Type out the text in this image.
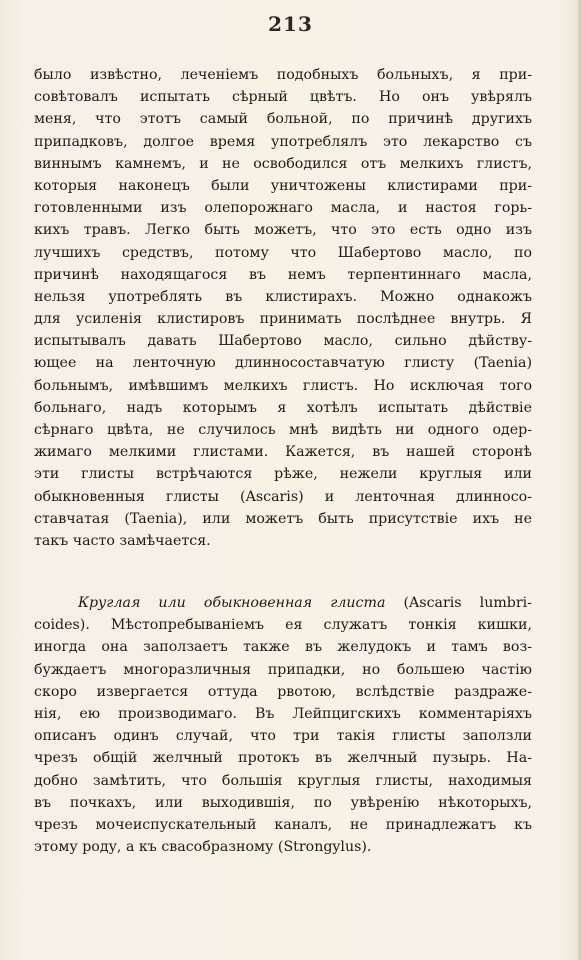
213
было извѣстно, леченіемъ подобныхъ больныхъ, я при-
совѣтовалъ испытать сѣрный цвѣтъ. Но онъ увѣрялъ
меня, что этотъ самый больной, по причинѣ другихъ
припадковъ, долгое время употреблялъ это лекарство съ
виннымъ камнемъ, и не освободился отъ мелкихъ глистъ,
которыя наконецъ были уничтожены клистирами при-
готовленными изъ олепорожнаго масла, и настоя горь-
кихъ травъ. Легко быть можетъ, что это есть одно изъ
лучшихъ средствъ, потому что Шабертово масло, по
причинѣ находящагося въ немъ терпентиннаго масла,
нельзя употреблять въ клистирахъ. Можно однакожъ
для усиленія клистировъ принимать послѣднее внутрь. Я
испытывалъ давать Шабертово масло, сильно дѣйству-
ющее на ленточную длинносоставчатую глисту (Taenia)
больнымъ, имѣвшимъ мелкихъ глистъ. Но исключая того
больнаго, надъ которымъ я хотѣлъ испытать дѣйствіе
сѣрнаго цвѣта, не случилось мнѣ видѣть ни одного одер-
жимаго мелкими глистами. Кажется, въ нашей сторонѣ
эти глисты встрѣчаются рѣже, нежели круглыя или
обыкновенныя глисты (Ascaris) и ленточная длинносо-
ставчатая (Taenia), или можетъ быть присутствіе ихъ не
такъ часто замѣчается.
Круглая или обыкновенная глиста (Ascaris lumbri-
coides). Мѣстопребываніемъ ея служатъ тонкія кишки,
иногда она заползаетъ также въ желудокъ и тамъ воз-
буждаетъ многоразличныя припадки, но большею частію
скоро извергается оттуда рвотою, вслѣдствіе раздраже-
нія, ею производимаго. Въ Лейпцигскихъ комментаріяхъ
описанъ одинъ случай, что три такія глисты заползли
чрезъ общій желчный протокъ въ желчный пузырь. На-
добно замѣтить, что большія круглыя глисты, находимыя
въ почкахъ, или выходившія, по увѣренію нѣкоторыхъ,
чрезъ мочеиспускательный каналъ, не принадлежатъ къ
этому роду, а къ свасобразному (Strongylus).
